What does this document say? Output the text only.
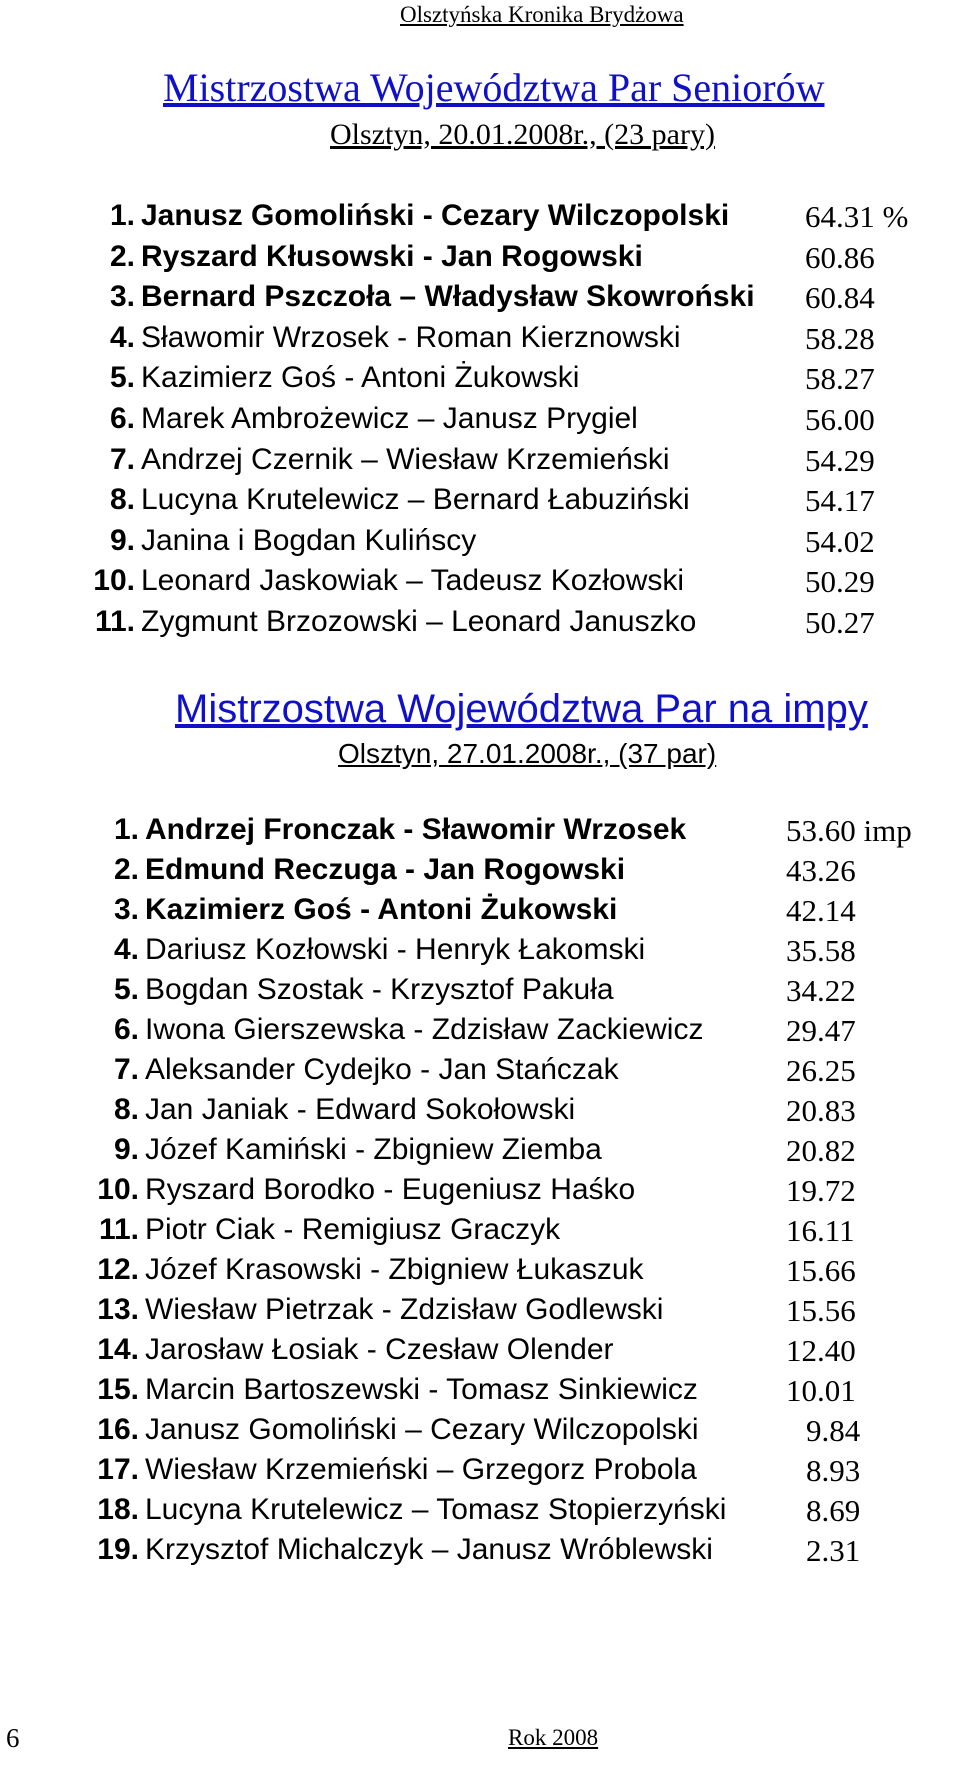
Olsztyńska Kronika Brydżowa
Mistrzostwa Województwa Par Seniorów
Olsztyn, 20.01.2008r., (23 pary)
1. Janusz Gomoliński - Cezary Wilczopolski 64.31 %
2. Ryszard Kłusowski - Jan Rogowski	60.86
3. Bernard Pszczoła – Władysław Skowroński 60.84
4. Sławomir Wrzosek - Roman Kierznowski	58.28
5. Kazimierz Goś - Antoni Żukowski	58.27
6. Marek Ambrożewicz – Janusz Prygiel	56.00
7. Andrzej Czernik – Wiesław Krzemieński	54.29
8. Lucyna Krutelewicz – Bernard Łabuziński	54.17
9. Janina i Bogdan Kulińscy	54.02
10. Leonard Jaskowiak – Tadeusz Kozłowski	50.29
11. Zygmunt Brzozowski – Leonard Januszko	50.27
Mistrzostwa Województwa Par na impy
Olsztyn, 27.01.2008r., (37 par)
1. Andrzej Fronczak - Sławomir Wrzosek	53.60 imp
2. Edmund Reczuga - Jan Rogowski	43.26
3. Kazimierz Goś - Antoni Żukowski	42.14
4. Dariusz Kozłowski - Henryk Łakomski	35.58
5. Bogdan Szostak - Krzysztof Pakuła	34.22
6. Iwona Gierszewska - Zdzisław Zackiewicz	29.47
7. Aleksander Cydejko - Jan Stańczak	26.25
8. Jan Janiak - Edward Sokołowski	20.83
9. Józef Kamiński - Zbigniew Ziemba	20.82
10. Ryszard Borodko - Eugeniusz Haśko	19.72
11. Piotr Ciak - Remigiusz Graczyk	16.11
12. Józef Krasowski - Zbigniew Łukaszuk	15.66
13. Wiesław Pietrzak - Zdzisław Godlewski	15.56
14. Jarosław Łosiak - Czesław Olender	12.40
15. Marcin Bartoszewski - Tomasz Sinkiewicz	10.01
16. Janusz Gomoliński – Cezary Wilczopolski	9.84
17. Wiesław Krzemieński – Grzegorz Probola	8.93
18. Lucyna Krutelewicz – Tomasz Stopierzyński	8.69
19. Krzysztof Michalczyk – Janusz Wróblewski	2.31
6	Rok 2008
